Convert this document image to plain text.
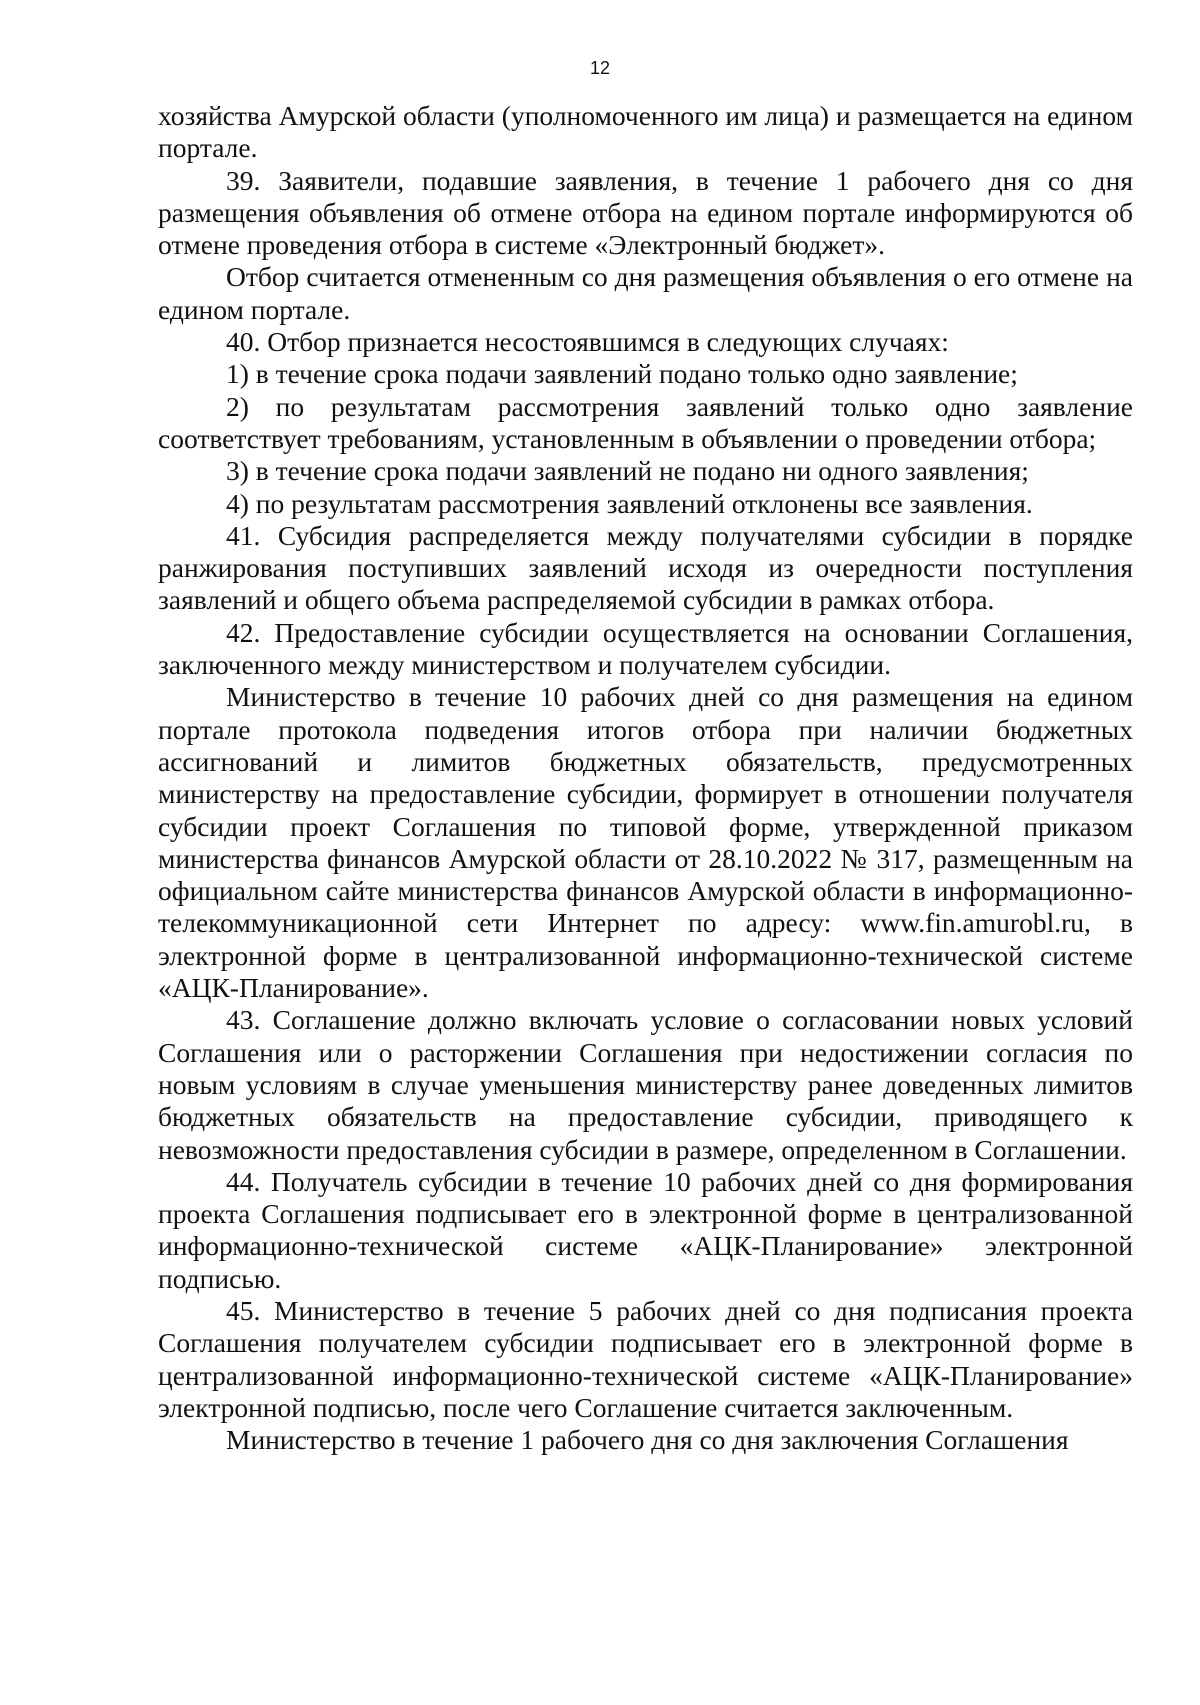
12

хозяйства Амурской области (уполномоченного им лица) и размещается на едином портале.

39. Заявители, подавшие заявления, в течение 1 рабочего дня со дня размещения объявления об отмене отбора на едином портале информируются об отмене проведения отбора в системе «Электронный бюджет».

Отбор считается отмененным со дня размещения объявления о его отмене на едином портале.

40. Отбор признается несостоявшимся в следующих случаях:

1) в течение срока подачи заявлений подано только одно заявление;

2) по результатам рассмотрения заявлений только одно заявление соответствует требованиям, установленным в объявлении о проведении отбора;

3) в течение срока подачи заявлений не подано ни одного заявления;

4) по результатам рассмотрения заявлений отклонены все заявления.

41. Субсидия распределяется между получателями субсидии в порядке ранжирования поступивших заявлений исходя из очередности поступления заявлений и общего объема распределяемой субсидии в рамках отбора.

42. Предоставление субсидии осуществляется на основании Соглашения, заключенного между министерством и получателем субсидии.

Министерство в течение 10 рабочих дней со дня размещения на едином портале протокола подведения итогов отбора при наличии бюджетных ассигнований и лимитов бюджетных обязательств, предусмотренных министерству на предоставление субсидии, формирует в отношении получателя субсидии проект Соглашения по типовой форме, утвержденной приказом министерства финансов Амурской области от 28.10.2022 № 317, размещенным на официальном сайте министерства финансов Амурской области в информационно-телекоммуникационной сети Интернет по адресу: www.fin.amurobl.ru, в электронной форме в централизованной информационно-технической системе «АЦК-Планирование».

43. Соглашение должно включать условие о согласовании новых условий Соглашения или о расторжении Соглашения при недостижении согласия по новым условиям в случае уменьшения министерству ранее доведенных лимитов бюджетных обязательств на предоставление субсидии, приводящего к невозможности предоставления субсидии в размере, определенном в Соглашении.

44. Получатель субсидии в течение 10 рабочих дней со дня формирования проекта Соглашения подписывает его в электронной форме в централизованной информационно-технической системе «АЦК-Планирование» электронной подписью.

45. Министерство в течение 5 рабочих дней со дня подписания проекта Соглашения получателем субсидии подписывает его в электронной форме в централизованной информационно-технической системе «АЦК-Планирование» электронной подписью, после чего Соглашение считается заключенным.

Министерство в течение 1 рабочего дня со дня заключения Соглашения
